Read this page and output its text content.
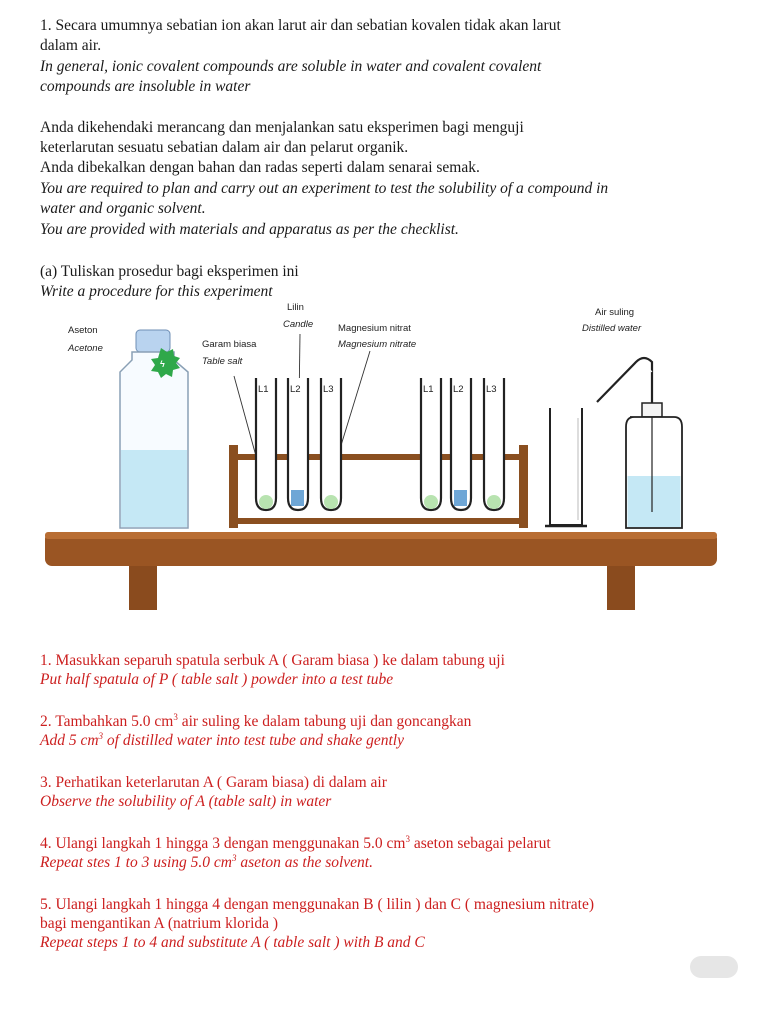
1. Secara umumnya sebatian ion akan larut air dan sebatian kovalen tidak akan larut

dalam air.

In general, ionic covalent compounds are soluble in water and covalent covalent

compounds are insoluble in water

Anda dikehendaki merancang dan menjalankan satu eksperimen bagi menguji

keterlarutan sesuatu sebatian dalam air dan pelarut organik.

Anda dibekalkan dengan bahan dan radas seperti dalam senarai semak.

You are required to plan and carry out an experiment to test the solubility of a compound in

water and organic solvent.

You are provided with materials and apparatus as per the checklist.

(a) Tuliskan prosedur bagi eksperimen ini

Write a procedure for this experiment

Aseton
Acetone	Garam biasa
Table salt
Lilin
Candle	Magnesium nitrat
Magnesium nitrate
Air suling
Distilled water
ϟ
L1 L2 L3	L1 L2 L3

1. Masukkan separuh spatula serbuk A ( Garam biasa ) ke dalam tabung uji

Put half spatula of P ( table salt ) powder into a test tube

2. Tambahkan 5.0 $cm^3$ air suling ke dalam tabung uji dan goncangkan

Add 5 $cm^3$ of distilled water into test tube and shake gently

3. Perhatikan keterlarutan A ( Garam biasa) di dalam air

Observe the solubility of A (table salt) in water

4. Ulangi langkah 1 hingga 3 dengan menggunakan 5.0 $cm^3$ aseton sebagai pelarut

Repeat stes 1 to 3 using 5.0 $cm^3$ aseton as the solvent.

5. Ulangi langkah 1 hingga 4 dengan menggunakan B ( lilin ) dan C ( magnesium nitrate)

bagi mengantikan A (natrium klorida )

Repeat steps 1 to 4 and substitute A ( table salt ) with B and C
